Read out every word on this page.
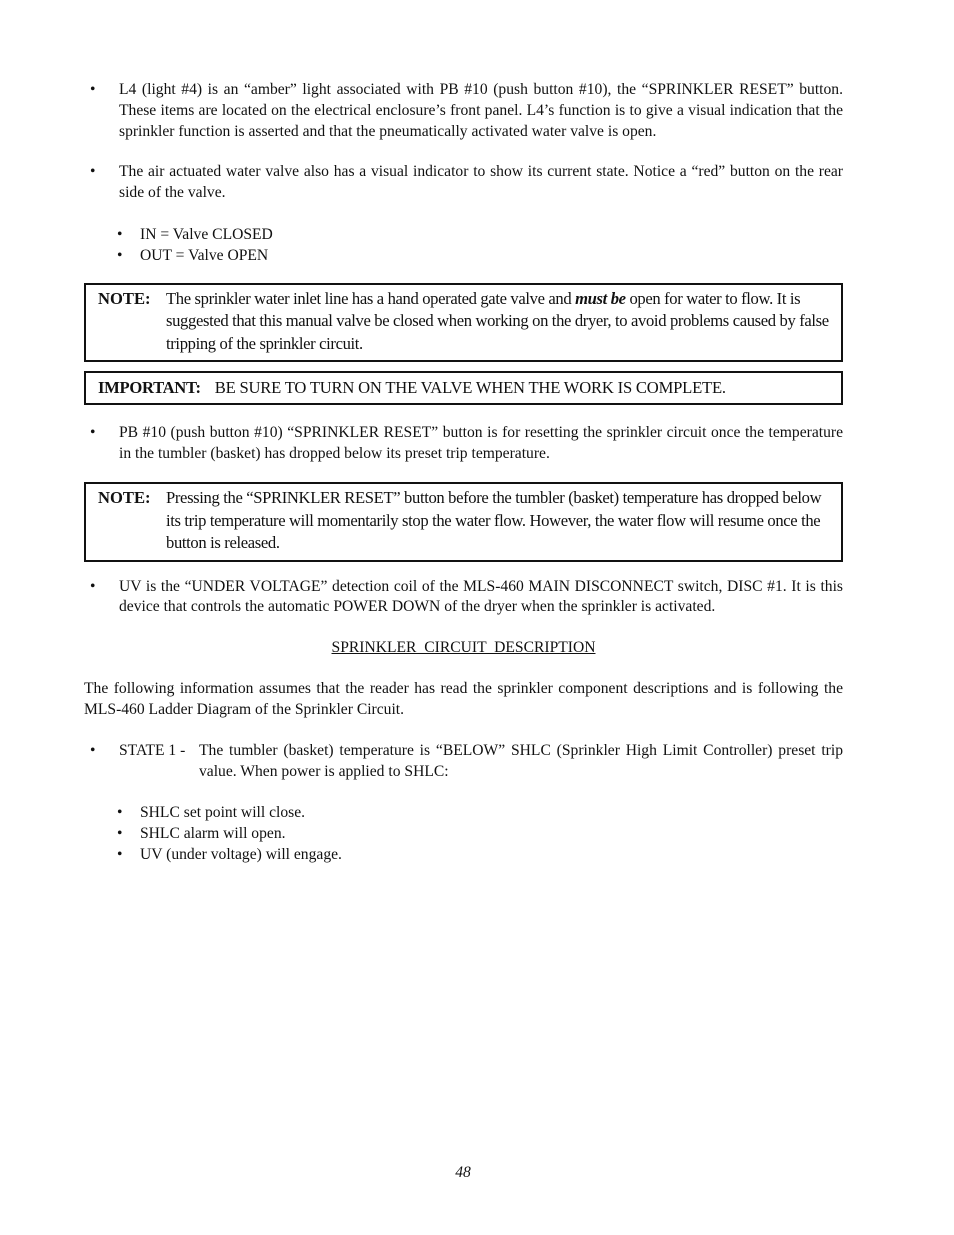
• L4 (light #4) is an “amber” light associated with PB #10 (push button #10), the “SPRINKLER RESET” button. These items are located on the electrical enclosure’s front panel. L4’s function is to give a visual indication that the sprinkler function is asserted and that the pneumatically activated water valve is open.
• The air actuated water valve also has a visual indicator to show its current state. Notice a “red” button on the rear side of the valve.
• IN = Valve CLOSED
• OUT = Valve OPEN
NOTE: The sprinkler water inlet line has a hand operated gate valve and must be open for water to flow. It is suggested that this manual valve be closed when working on the dryer, to avoid problems caused by false tripping of the sprinkler circuit.
IMPORTANT: BE SURE TO TURN ON THE VALVE WHEN THE WORK IS COMPLETE.
• PB #10 (push button #10) “SPRINKLER RESET” button is for resetting the sprinkler circuit once the temperature in the tumbler (basket) has dropped below its preset trip temperature.
NOTE: Pressing the “SPRINKLER RESET” button before the tumbler (basket) temperature has dropped below its trip temperature will momentarily stop the water flow. However, the water flow will resume once the button is released.
• UV is the “UNDER VOLTAGE” detection coil of the MLS-460 MAIN DISCONNECT switch, DISC #1. It is this device that controls the automatic POWER DOWN of the dryer when the sprinkler is activated.

SPRINKLER  CIRCUIT  DESCRIPTION

The following information assumes that the reader has read the sprinkler component descriptions and is following the MLS-460 Ladder Diagram of the Sprinkler Circuit.

• STATE 1 - The tumbler (basket) temperature is “BELOW” SHLC (Sprinkler High Limit Controller) preset trip value. When power is applied to SHLC:
• SHLC set point will close.
• SHLC alarm will open.
• UV (under voltage) will engage.
48
